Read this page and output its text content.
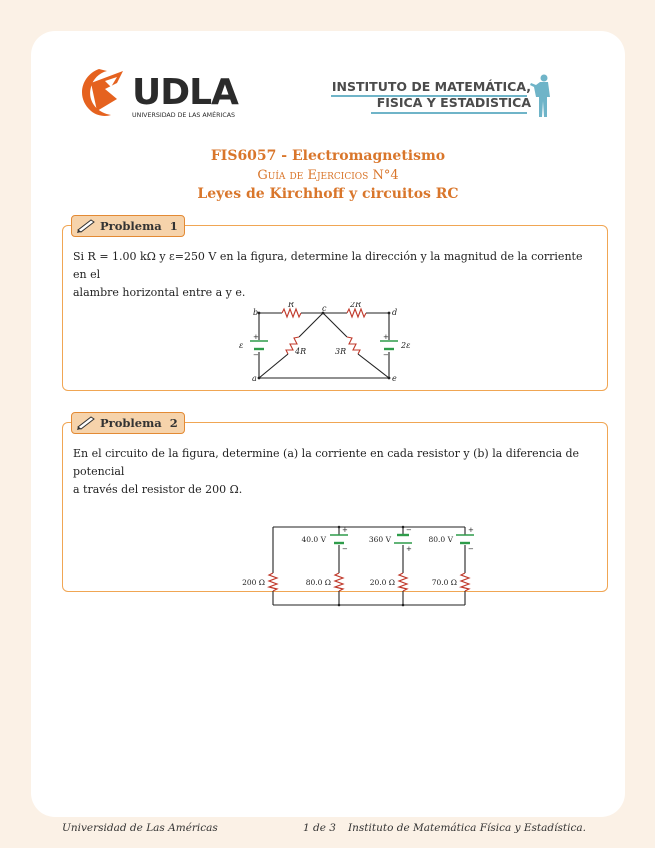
UDLA
UNIVERSIDAD DE LAS AMÉRICAS
INSTITUTO DE MATEMÁTICA,
FÍSICA Y ESTADÍSTICA
FIS6057 - Electromagnetismo
Guía de Ejercicios N°4
Leyes de Kirchhoff y circuitos RC
Problema 1
Si R = 1.00 kΩ y ε=250 V en la figura, determine la dirección y la magnitud de la corriente en el
alambre horizontal entre a y e.
b	c	d
a	e
R	2R
4R	3R
ε	2ε
+
−
+
−
Problema 2
En el circuito de la figura, determine (a) la corriente en cada resistor y (b) la diferencia de potencial
a través del resistor de 200 Ω.
+
−
−
+
+
−
40.0 V	360 V	80.0 V
200 Ω	80.0 Ω	20.0 Ω	70.0 Ω
Universidad de Las Américas	1 de 3 Instituto de Matemática Física y Estadística.
